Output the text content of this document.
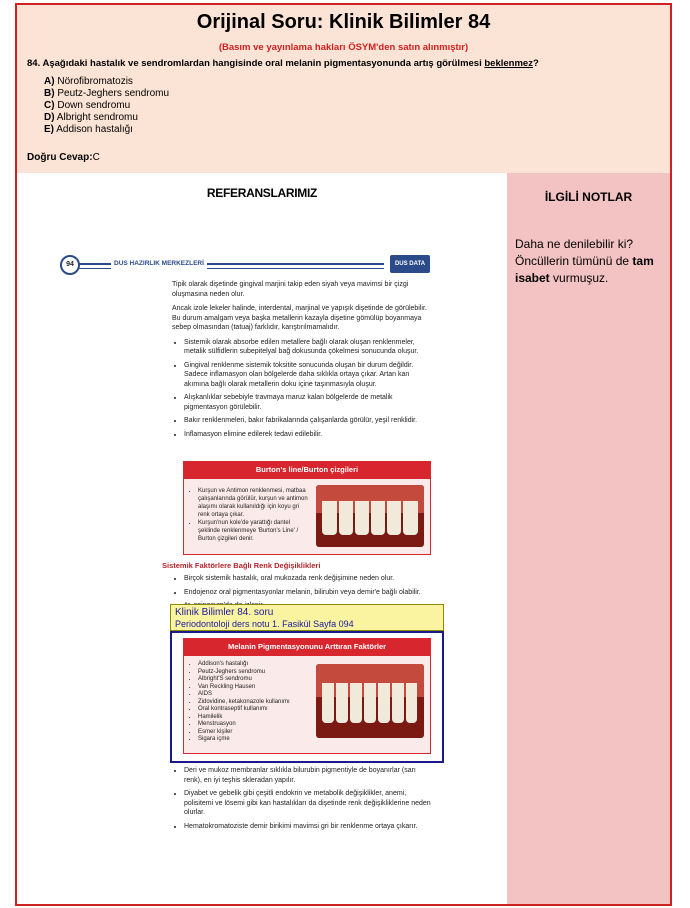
Orijinal Soru: Klinik Bilimler 84
(Basım ve yayınlama hakları ÖSYM'den satın alınmıştır)
84. Aşağıdaki hastalık ve sendromlardan hangisinde oral melanin pigmentasyonunda artış görülmesi beklenmez?
A) Nörofibromatozis
B) Peutz-Jeghers sendromu
C) Down sendromu
D) Albright sendromu
E) Addison hastalığı
Doğru Cevap:C
REFERANSLARIMIZ	İLGİLİ NOTLAR
Daha ne denilebilir ki? Öncüllerin tümünü de tam isabet vurmuşuz.
94	DUS HAZIRLIK MERKEZLERİ	DUS DATA

Tipik olarak dişetinde gingival marjini takip eden siyah veya mavimsi bir çizgi oluşmasına neden olur.

Ancak izole lekeler halinde, interdental, marjinal ve yapışık dişetinde de görülebilir. Bu durum amalgam veya başka metallerin kazayla dişetine gömülüp boyanmaya sebep olmasından (tatuaj) farklıdır, karıştırılmamalıdır.

• Sistemik olarak absorbe edilen metallere bağlı olarak oluşan renklenmeler, metalik sülfidlerin subepitelyal bağ dokusunda çökelmesi sonucunda oluşur.
• Gingival renklenme sistemik toksitite sonucunda oluşan bir durum değildir. Sadece inflamasyon olan bölgelerde daha sıklıkla ortaya çıkar. Artan kan akımına bağlı olarak metallerin doku içine taşınmasıyla oluşur.
• Alışkanlıklar sebebiyle travmaya maruz kalan bölgelerde de metalik pigmentasyon görülebilir.
• Bakır renklenmeleri, bakır fabrikalarında çalışanlarda görülür, yeşil renklidir.
• İnflamasyon elimine edilerek tedavi edilebilir.
Burton's line/Burton çizgileri
• Kurşun ve Antimon renklenmesi, matbaa çalışanlarında görülür, kurşun ve antimon alaşımı olarak kullanıldığı için koyu gri renk ortaya çıkar.
• Kurşun'nun kole'de yarattığı dantel şeklinde renklenmeye 'Burton's Line' / Burton çizgileri denir.
Sistemik Faktörlere Bağlı Renk Değişiklikleri
• Birçok sistemik hastalık, oral mukozada renk değişimine neden olur.
• Endojenoz oral pigmentasyonlar melanin, bilirubin veya demir'e bağlı olabilir.

Melanin Pigmentasyonunu Arttıran Faktörler
• Addison's hastalığı
• Peutz-Jeghers sendromu
• Albright'S sendromu
• Van Reckling Hausen
• AIDS
• Zidovidine, ketakonazole kullanımı
• Oral kontraseptif kullanımı
• Hamilelik
• Menstruasyon
• Esmer kişiler
• Sigara içme
• Deri ve mukoz membranlar sıklıkla bilurubin pigmentiyle de boyanırlar (sarı renk), en iyi teşhis skleradan yapılır.
• Diyabet ve gebelik gibi çeşitli endokrin ve metabolik değişiklikler, anemi, polisitemi ve lösemi gibi kan hastalıkları da dişetinde renk değişikliklerine neden olurlar.
• Hematokromatoziste demir birikimi mavimsi gri bir renklenme ortaya çıkarır.
Klinik Bilimler 84. soru
Periodontoloji ders notu 1. Fasikül Sayfa 094
